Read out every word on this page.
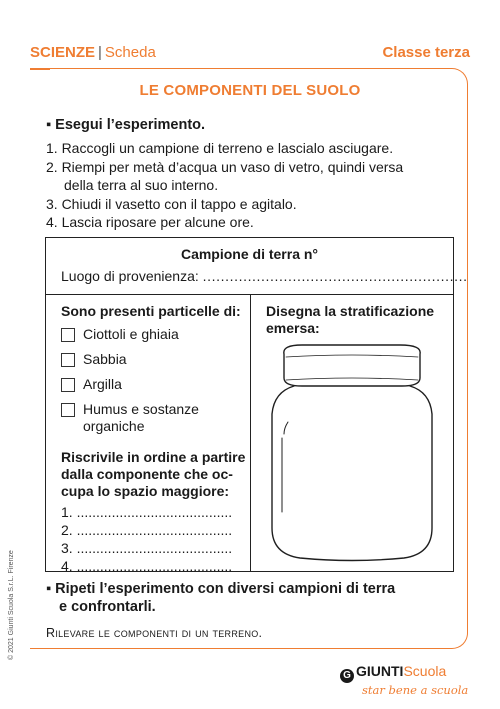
SCIENZE | Scheda	Classe terza
LE COMPONENTI DEL SUOLO
▪ Esegui l’esperimento.
1. Raccogli un campione di terreno e lascialo asciugare.
2. Riempi per metà d’acqua un vaso di vetro, quindi versa
della terra al suo interno.
3. Chiudi il vasetto con il tappo e agitalo.
4. Lascia riposare per alcune ore.
Campione di terra n°
Luogo di provenienza: ...........................................................
Sono presenti particelle di:
Ciottoli e ghiaia
Sabbia
Argilla
Humus e sostanze
organiche
Riscrivile in ordine a partire
dalla componente che oc-
cupa lo spazio maggiore:
1. ........................................
2. ........................................
3. ........................................
4. ........................................
Disegna la stratificazione
emersa:
▪ Ripeti l’esperimento con diversi campioni di terra
e confrontarli.
Rilevare le componenti di un terreno.
© 2021 Giunti Scuola S.r.L. Firenze
G GIUNTIScuola
star bene a scuola
